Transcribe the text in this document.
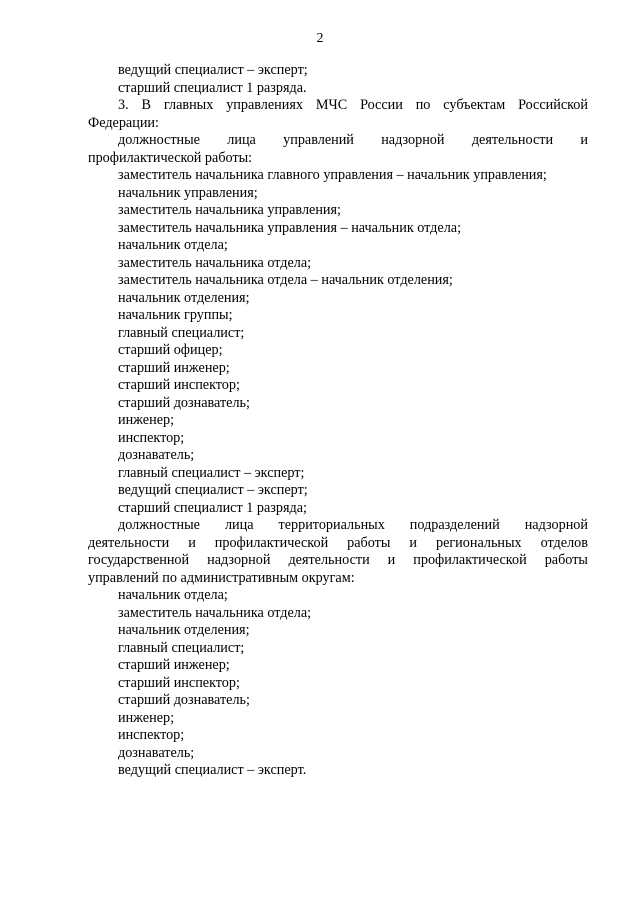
2

ведущий специалист – эксперт;

старший специалист 1 разряда.

3. В главных управлениях МЧС России по субъектам Российской

Федерации:

должностные лица управлений надзорной деятельности и

профилактической работы:

заместитель начальника главного управления – начальник управления;

начальник управления;

заместитель начальника управления;

заместитель начальника управления – начальник отдела;

начальник отдела;

заместитель начальника отдела;

заместитель начальника отдела – начальник отделения;

начальник отделения;

начальник группы;

главный специалист;

старший офицер;

старший инженер;

старший инспектор;

старший дознаватель;

инженер;

инспектор;

дознаватель;

главный специалист – эксперт;

ведущий специалист – эксперт;

старший специалист 1 разряда;

должностные лица территориальных подразделений надзорной
деятельности и профилактической работы и региональных отделов
государственной надзорной деятельности и профилактической работы

управлений по административным округам:

начальник отдела;

заместитель начальника отдела;

начальник отделения;

главный специалист;

старший инженер;

старший инспектор;

старший дознаватель;

инженер;

инспектор;

дознаватель;

ведущий специалист – эксперт.
